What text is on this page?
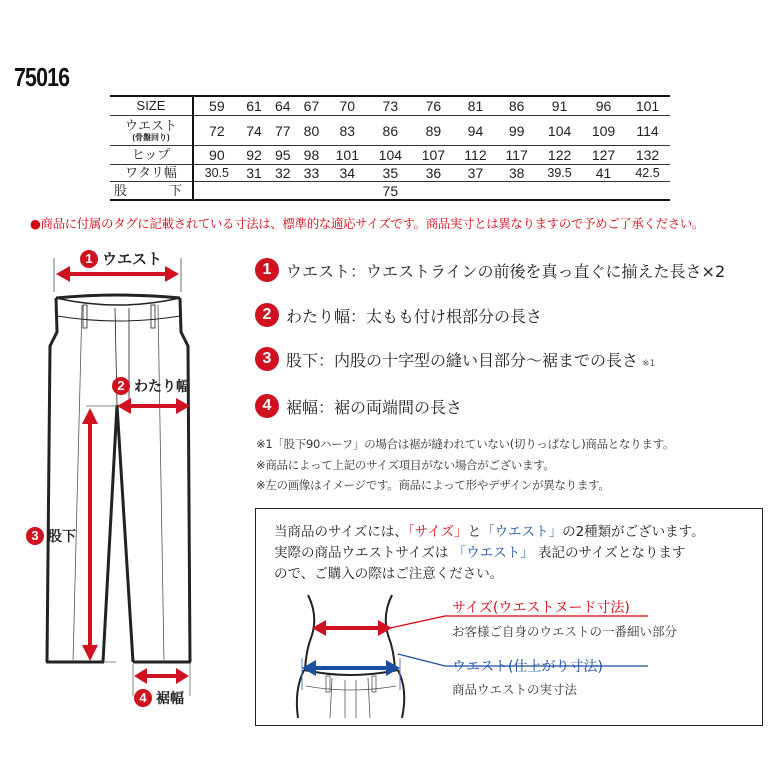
75016
SIZE	59	61	64	67	70	73	76	81	86	91	96	101
ウエスト
(骨盤回り)	72	74	77	80	83	86	89	94	99	104	109	114
ヒップ	90	92	95	98	101	104	107	112	117	122	127	132
ワタリ幅	30.5	31	32	33	34	35	36	37	38	39.5	41	42.5
股　下						75						
●商品に付属のタグに記載されている寸法は、標準的な適応サイズです。商品実寸とは異なりますので予めご了承ください。
1 ウエスト
2 わたり幅
3 股下
4 裾幅
1 ウエスト：ウエストラインの前後を真っ直ぐに揃えた長さ×2
2 わたり幅：太もも付け根部分の長さ
3 股下：内股の十字型の縫い目部分～裾までの長さ ※1
4 裾幅：裾の両端間の長さ
※1「股下90ハーフ」の場合は裾が縫われていない(切りっぱなし)商品となります。
※商品によって上記のサイズ項目がない場合がございます。
※左の画像はイメージです。商品によって形やデザインが異なります。
当商品のサイズには、「サイズ」と「ウエスト」の2種類がございます。
実際の商品ウエストサイズは 「ウエスト」 表記のサイズとなります
ので、ご購入の際はご注意ください。
サイズ(ウエストヌード寸法)
お客様ご自身のウエストの一番細い部分
ウエスト(仕上がり寸法)
商品ウエストの実寸法
